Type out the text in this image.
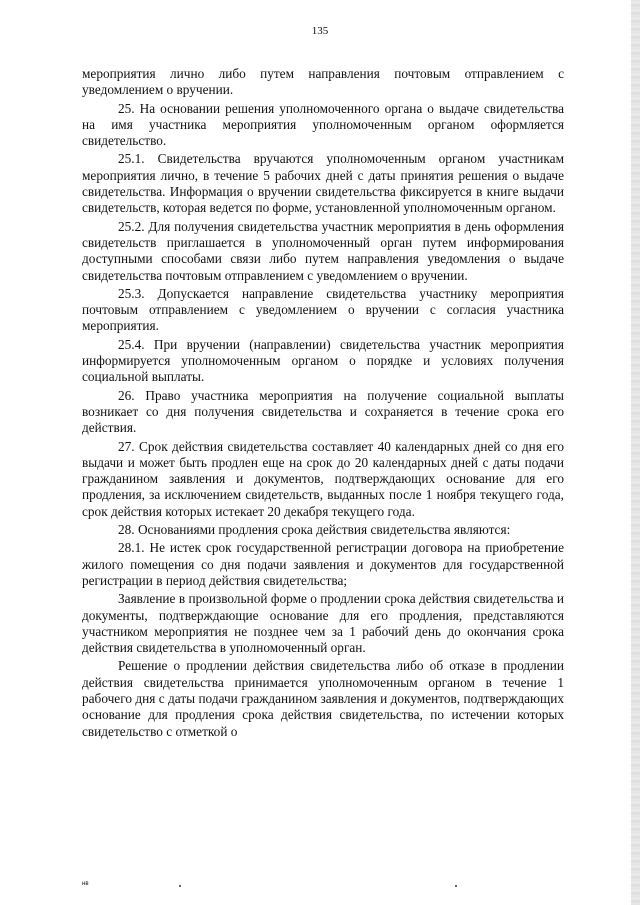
135

мероприятия лично либо путем направления почтовым отправлением с уведомлением о вручении.

25. На основании решения уполномоченного органа о выдаче свидетельства на имя участника мероприятия уполномоченным органом оформляется свидетельство.

25.1. Свидетельства вручаются уполномоченным органом участникам мероприятия лично, в течение 5 рабочих дней с даты принятия решения о выдаче свидетельства. Информация о вручении свидетельства фиксируется в книге выдачи свидетельств, которая ведется по форме, установленной уполномоченным органом.

25.2. Для получения свидетельства участник мероприятия в день оформления свидетельств приглашается в уполномоченный орган путем информирования доступными способами связи либо путем направления уведомления о выдаче свидетельства почтовым отправлением с уведомлением о вручении.

25.3. Допускается направление свидетельства участнику мероприятия почтовым отправлением с уведомлением о вручении с согласия участника мероприятия.

25.4. При вручении (направлении) свидетельства участник мероприятия информируется уполномоченным органом о порядке и условиях получения социальной выплаты.

26. Право участника мероприятия на получение социальной выплаты возникает со дня получения свидетельства и сохраняется в течение срока его действия.

27. Срок действия свидетельства составляет 40 календарных дней со дня его выдачи и может быть продлен еще на срок до 20 календарных дней с даты подачи гражданином заявления и документов, подтверждающих основание для его продления, за исключением свидетельств, выданных после 1 ноября текущего года, срок действия которых истекает 20 декабря текущего года.

28. Основаниями продления срока действия свидетельства являются:

28.1. Не истек срок государственной регистрации договора на приобретение жилого помещения со дня подачи заявления и документов для государственной регистрации в период действия свидетельства;

Заявление в произвольной форме о продлении срока действия свидетельства и документы, подтверждающие основание для его продления, представляются участником мероприятия не позднее чем за 1 рабочий день до окончания срока действия свидетельства в уполномоченный орган.

Решение о продлении действия свидетельства либо об отказе в продлении действия свидетельства принимается уполномоченным органом в течение 1 рабочего дня с даты подачи гражданином заявления и документов, подтверждающих основание для продления срока действия свидетельства, по истечении которых свидетельство с отметкой о

нв
